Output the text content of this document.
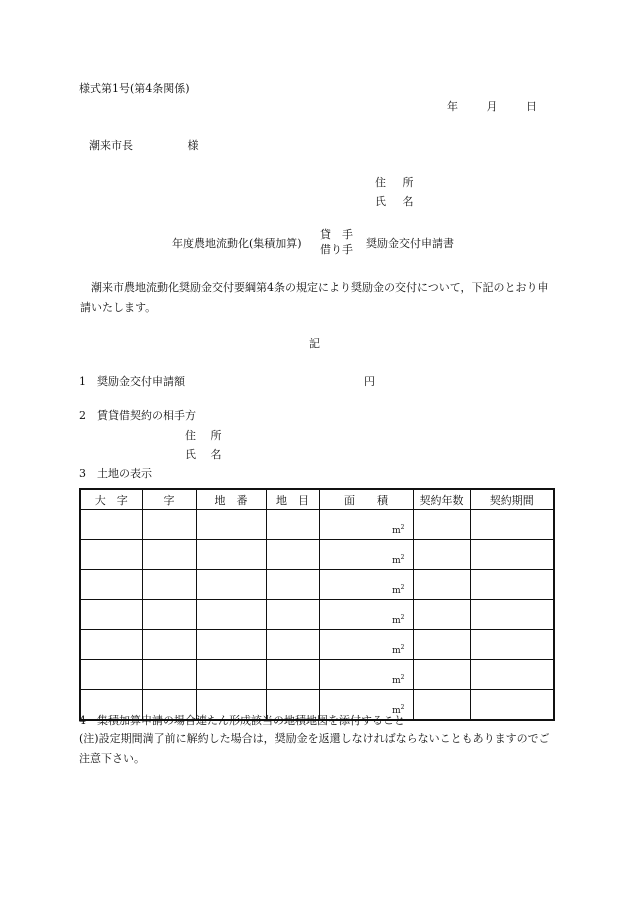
様式第1号(第4条関係)
年	月	日
潮来市長	様
住 所
氏 名
年度農地流動化(集積加算)
貸　手
借り手 奨励金交付申請書
潮来市農地流動化奨励金交付要綱第4条の規定により奨励金の交付について，下記のとおり申請いたします。
記
1　奨励金交付申請額	円
2　賃貸借契約の相手方
住 所
氏 名
3　土地の表示
大　字	字	地　番	地　目	面　　積	契約年数	契約期間
				$m^2$		
				$m^2$		
				$m^2$		
				$m^2$		
				$m^2$		
				$m^2$		
				$m^2$		
4　集積加算申請の場合連たん形成該当の地積地図を添付すること
(注)設定期間満了前に解約した場合は，奨励金を返還しなければならないこともありますのでご注意下さい。
